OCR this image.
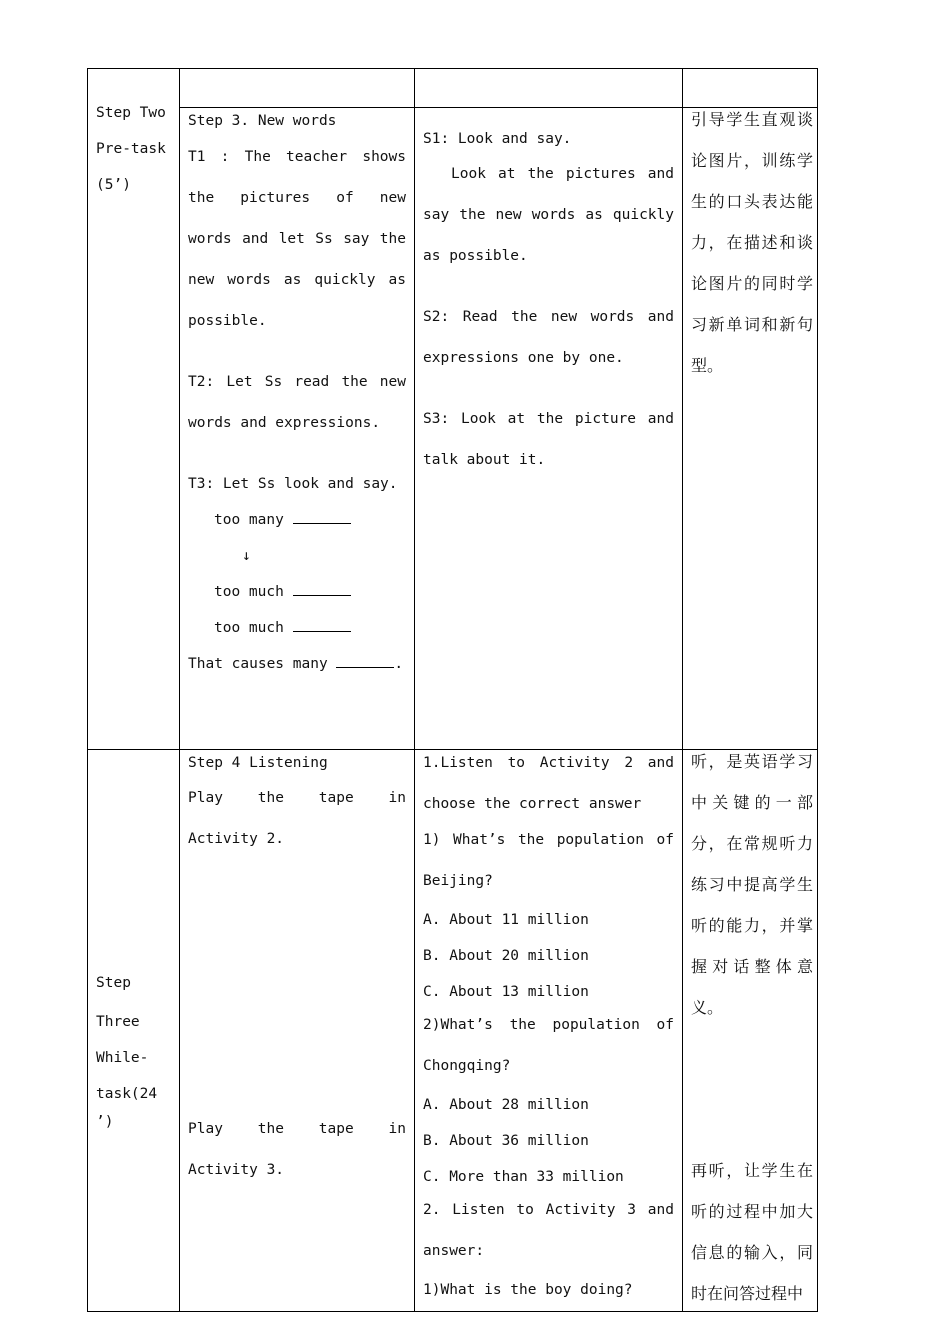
Step Two

Pre-task

(5’)

Step 3. New words

T1 : The teacher shows the pictures of new words and let Ss say the new words as quickly as possible.

T2: Let Ss read the new words and expressions.

T3: Let Ss look and say.

too many

↓

too much

too much

That causes many	.

S1: Look and say.

Look at the pictures and say the new words as quickly as possible.

S2: Read the new words and expressions one by one.

S3: Look at the picture and talk about it.

引导学生直观谈论图片，训练学生的口头表达能力，在描述和谈论图片的同时学习新单词和新句型。

Step

Three

While-

task(24

’)

Step 4 Listening

Play the tape in Activity 2.

Play the tape in Activity 3.

1.Listen to Activity 2 and choose the correct answer

1) What’s the population of Beijing?

A. About 11 million

B. About 20 million

C. About 13 million

2)What’s the population of Chongqing?

A. About 28 million

B. About 36 million

C. More than 33 million

2. Listen to Activity 3 and answer:

1)What is the boy doing?

听，是英语学习中关键的一部分，在常规听力练习中提高学生听的能力，并掌握对话整体意义。
再听，让学生在听的过程中加大信息的输入，同时在问答过程中
